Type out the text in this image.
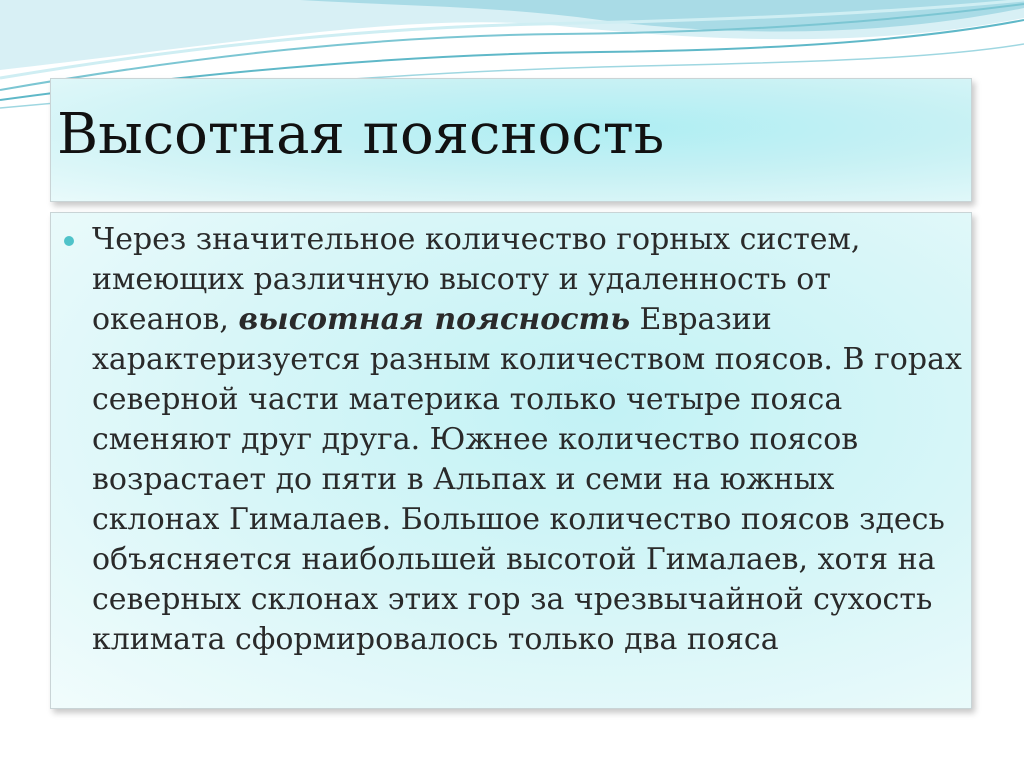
Высотная поясность

Через значительное количество горных систем, имеющих различную высоту и удаленность от океанов, высотная поясность Евразии характеризуется разным количеством поясов. В горах северной части материка только четыре пояса сменяют друг друга. Южнее количество поясов возрастает до пяти в Альпах и семи на южных склонах Гималаев. Большое количество поясов здесь объясняется наибольшей высотой Гималаев, хотя на северных склонах этих гор за чрезвычайной сухость климата сформировалось только два пояса
